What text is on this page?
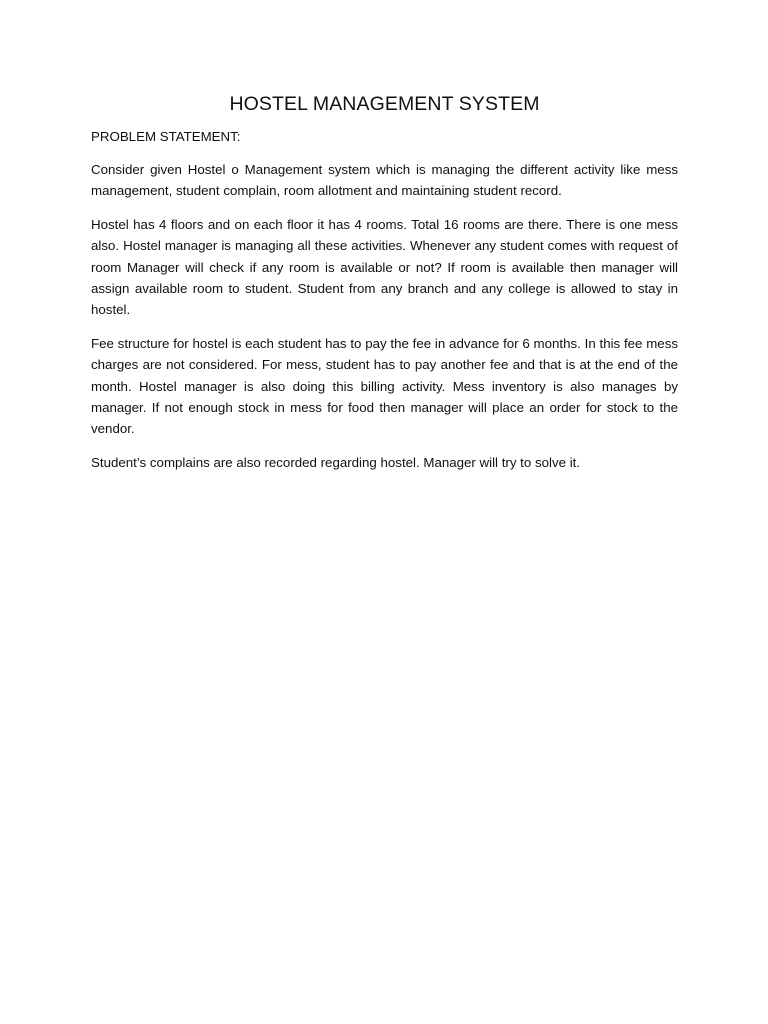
HOSTEL MANAGEMENT SYSTEM
PROBLEM STATEMENT:

Consider given Hostel o Management system which is managing the different activity like mess management, student complain, room allotment and maintaining student record.

Hostel has 4 floors and on each floor it has 4 rooms. Total 16 rooms are there. There is one mess also. Hostel manager is managing all these activities. Whenever any student comes with request of room Manager will check if any room is available or not? If room is available then manager will assign available room to student. Student from any branch and any college is allowed to stay in hostel.

Fee structure for hostel is each student has to pay the fee in advance for 6 months. In this fee mess charges are not considered. For mess, student has to pay another fee and that is at the end of the month. Hostel manager is also doing this billing activity. Mess inventory is also manages by manager. If not enough stock in mess for food then manager will place an order for stock to the vendor.

Student’s complains are also recorded regarding hostel. Manager will try to solve it.
